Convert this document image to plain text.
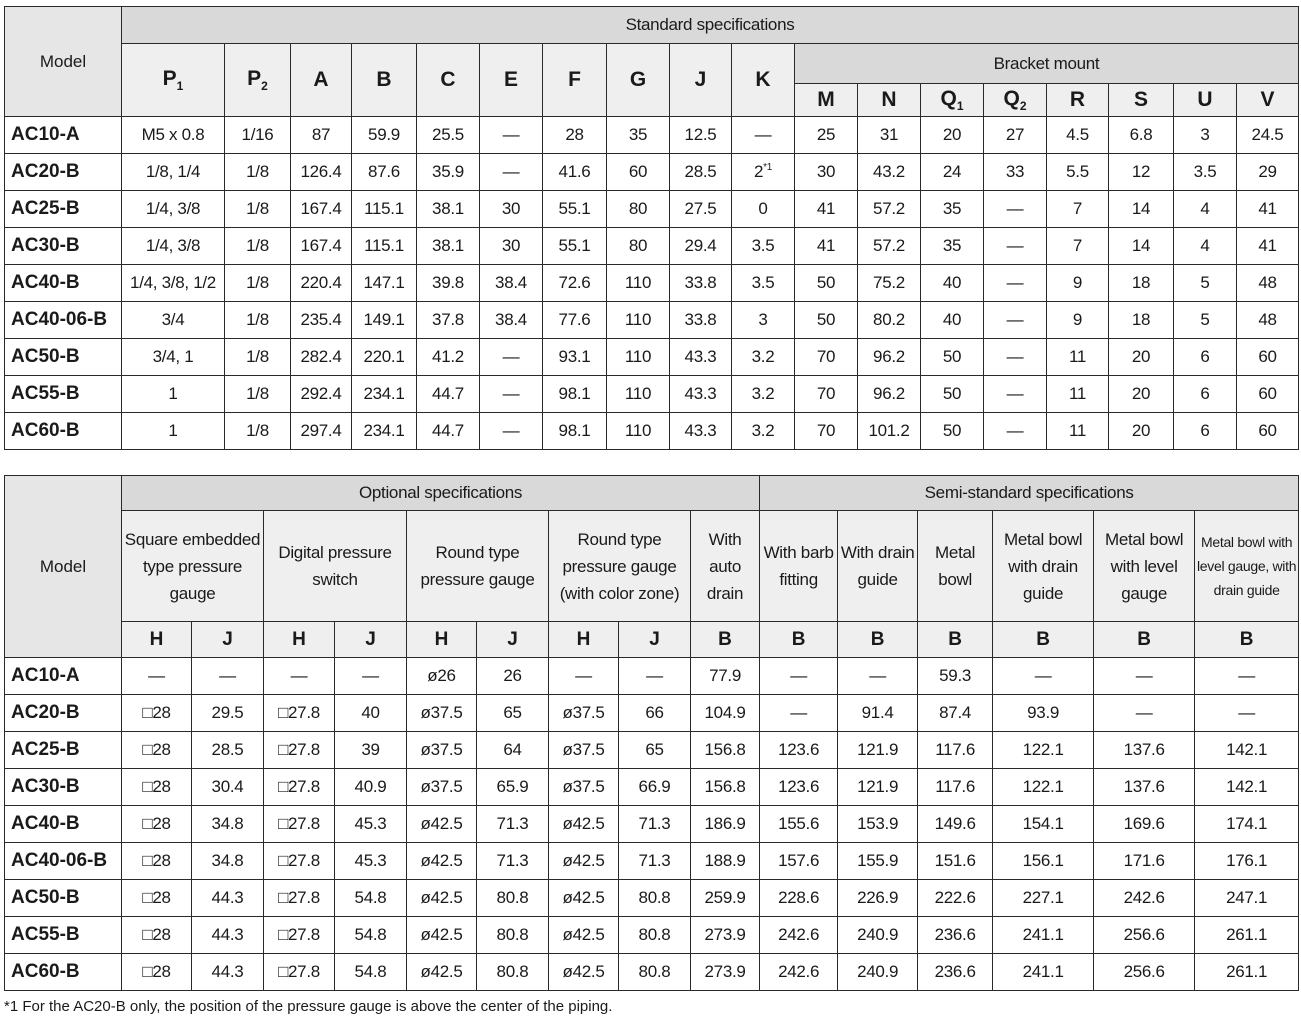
Model	Standard specifications																	
	$P_1$	$P_2$	A	B	C	E	F	G	J	K	Bracket mount							
											M	N	$Q_1$	$Q_2$	R	S	U	V
AC10-A	M5 x 0.8	1/16	87	59.9	25.5	—	28	35	12.5	—	25	31	20	27	4.5	6.8	3	24.5
AC20-B	1/8, 1/4	1/8	126.4	87.6	35.9	—	41.6	60	28.5	2$^{*1}$	30	43.2	24	33	5.5	12	3.5	29
AC25-B	1/4, 3/8	1/8	167.4	115.1	38.1	30	55.1	80	27.5	0	41	57.2	35	—	7	14	4	41
AC30-B	1/4, 3/8	1/8	167.4	115.1	38.1	30	55.1	80	29.4	3.5	41	57.2	35	—	7	14	4	41
AC40-B	1/4, 3/8, 1/2	1/8	220.4	147.1	39.8	38.4	72.6	110	33.8	3.5	50	75.2	40	—	9	18	5	48
AC40-06-B	3/4	1/8	235.4	149.1	37.8	38.4	77.6	110	33.8	3	50	80.2	40	—	9	18	5	48
AC50-B	3/4, 1	1/8	282.4	220.1	41.2	—	93.1	110	43.3	3.2	70	96.2	50	—	11	20	6	60
AC55-B	1	1/8	292.4	234.1	44.7	—	98.1	110	43.3	3.2	70	96.2	50	—	11	20	6	60
AC60-B	1	1/8	297.4	234.1	44.7	—	98.1	110	43.3	3.2	70	101.2	50	—	11	20	6	60
Model	Optional specifications									Semi-standard specifications					
	Square embedded type pressure gauge		Digital pressure switch		Round type pressure gauge		Round type pressure gauge (with color zone)		With auto drain	With barb fitting	With drain guide	Metal bowl	Metal bowl with drain guide	Metal bowl with level gauge	Metal bowl with level gauge, with drain guide
	H	J	H	J	H	J	H	J	B	B	B	B	B	B	B
AC10-A	—	—	—	—	ø26	26	—	—	77.9	—	—	59.3	—	—	—
AC20-B	□28	29.5	□27.8	40	ø37.5	65	ø37.5	66	104.9	—	91.4	87.4	93.9	—	—
AC25-B	□28	28.5	□27.8	39	ø37.5	64	ø37.5	65	156.8	123.6	121.9	117.6	122.1	137.6	142.1
AC30-B	□28	30.4	□27.8	40.9	ø37.5	65.9	ø37.5	66.9	156.8	123.6	121.9	117.6	122.1	137.6	142.1
AC40-B	□28	34.8	□27.8	45.3	ø42.5	71.3	ø42.5	71.3	186.9	155.6	153.9	149.6	154.1	169.6	174.1
AC40-06-B	□28	34.8	□27.8	45.3	ø42.5	71.3	ø42.5	71.3	188.9	157.6	155.9	151.6	156.1	171.6	176.1
AC50-B	□28	44.3	□27.8	54.8	ø42.5	80.8	ø42.5	80.8	259.9	228.6	226.9	222.6	227.1	242.6	247.1
AC55-B	□28	44.3	□27.8	54.8	ø42.5	80.8	ø42.5	80.8	273.9	242.6	240.9	236.6	241.1	256.6	261.1
AC60-B	□28	44.3	□27.8	54.8	ø42.5	80.8	ø42.5	80.8	273.9	242.6	240.9	236.6	241.1	256.6	261.1
*1 For the AC20-B only, the position of the pressure gauge is above the center of the piping.
